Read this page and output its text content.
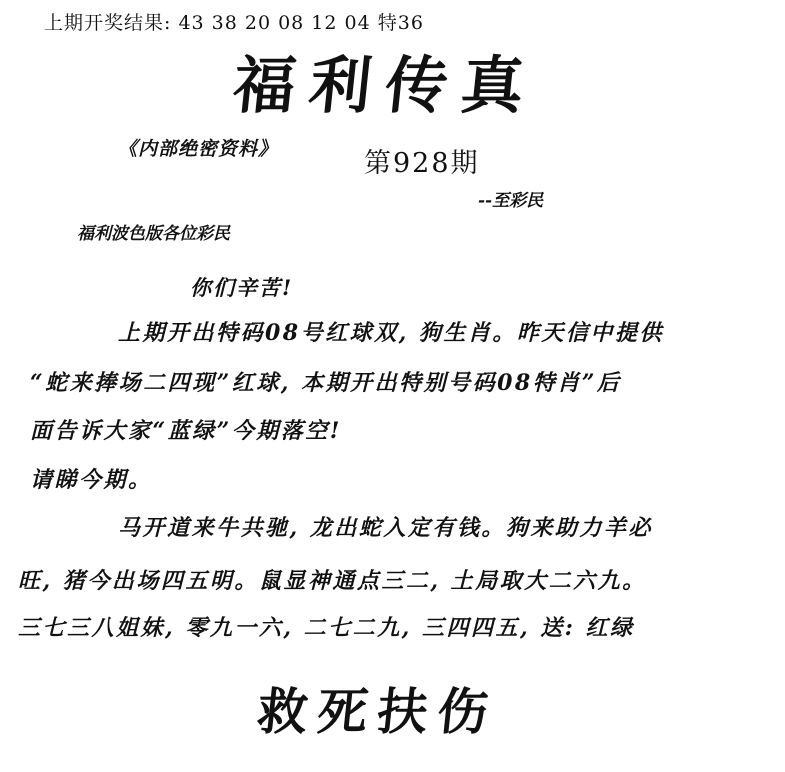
上期开奖结果: 43 38 20 08 12 04 特36
福利传真
《内部绝密资料》	第928期
--至彩民
福利波色版各位彩民
你们辛苦!
上期开出特码08号红球双, 狗生肖。昨天信中提供
“蛇来捧场二四现”红球, 本期开出特别号码08特肖”后
面告诉大家“蓝绿”今期落空!
请睇今期。
马开道来牛共驰, 龙出蛇入定有钱。狗来助力羊必
旺, 猪今出场四五明。鼠显神通点三二, 土局取大二六九。
三七三八姐妹, 零九一六, 二七二九, 三四四五, 送: 红绿
救死扶伤
